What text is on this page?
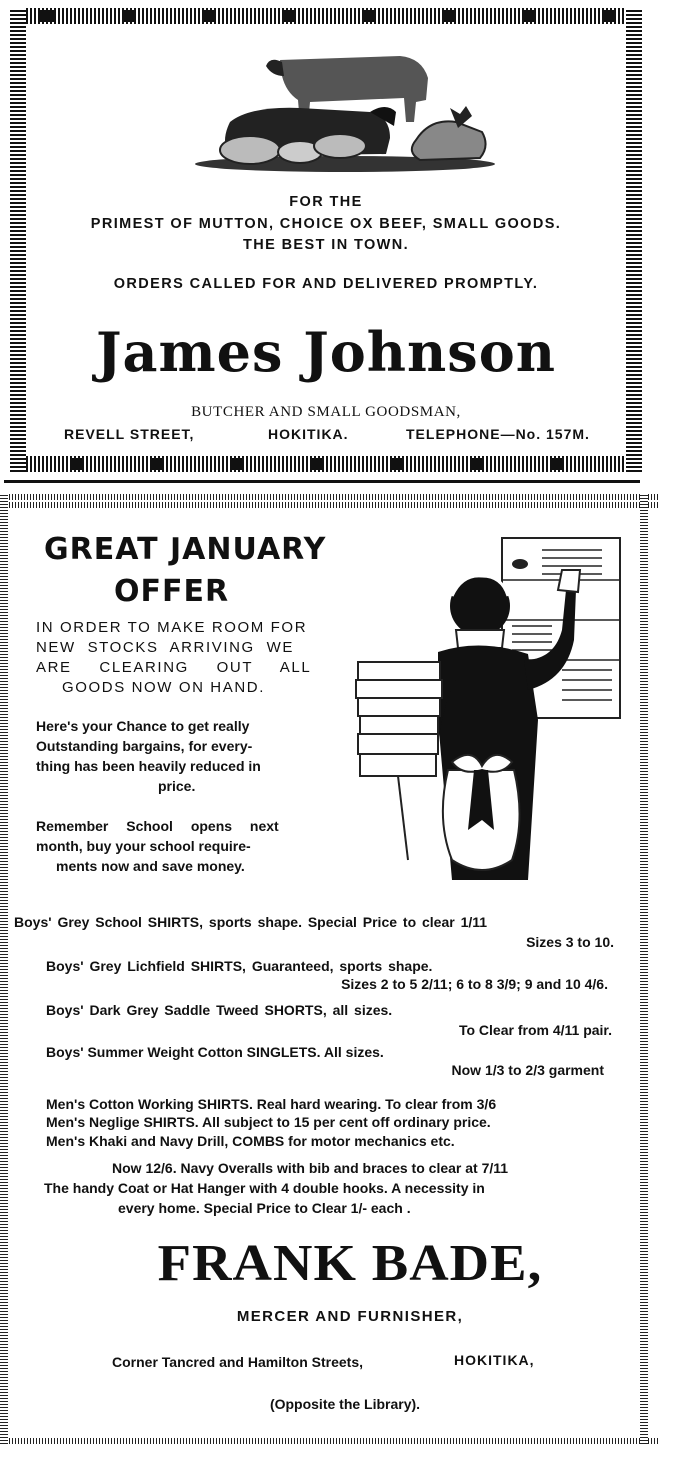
FOR THE
PRIMEST OF MUTTON, CHOICE OX BEEF, SMALL GOODS.
THE BEST IN TOWN.
ORDERS CALLED FOR AND DELIVERED PROMPTLY.
James Johnson
BUTCHER AND SMALL GOODSMAN,
REVELL STREET,	HOKITIKA.	TELEPHONE—No. 157M.
GREAT JANUARY
OFFER
IN ORDER TO MAKE ROOM FOR
NEW STOCKS ARRIVING WE
ARE CLEARING OUT ALL
GOODS NOW ON HAND.
Here's your Chance to get really
Outstanding bargains, for every-
thing has been heavily reduced in
price.
Remember School opens next
month, buy your school require-
ments now and save money.
Boys' Grey School SHIRTS, sports shape. Special Price to clear 1/11
Sizes 3 to 10.
Boys' Grey Lichfield SHIRTS, Guaranteed, sports shape.
Sizes 2 to 5 2/11; 6 to 8 3/9; 9 and 10 4/6.
Boys' Dark Grey Saddle Tweed SHORTS, all sizes.
To Clear from 4/11 pair.
Boys' Summer Weight Cotton SINGLETS. All sizes.
Now 1/3 to 2/3 garment
Men's Cotton Working SHIRTS. Real hard wearing. To clear from 3/6
Men's Neglige SHIRTS. All subject to 15 per cent off ordinary price.
Men's Khaki and Navy Drill, COMBS for motor mechanics etc.
Now 12/6. Navy Overalls with bib and braces to clear at 7/11
The handy Coat or Hat Hanger with 4 double hooks. A necessity in
every home. Special Price to Clear 1/- each .
FRANK BADE,
MERCER AND FURNISHER,
Corner Tancred and Hamilton Streets,	HOKITIKA,
(Opposite the Library).
